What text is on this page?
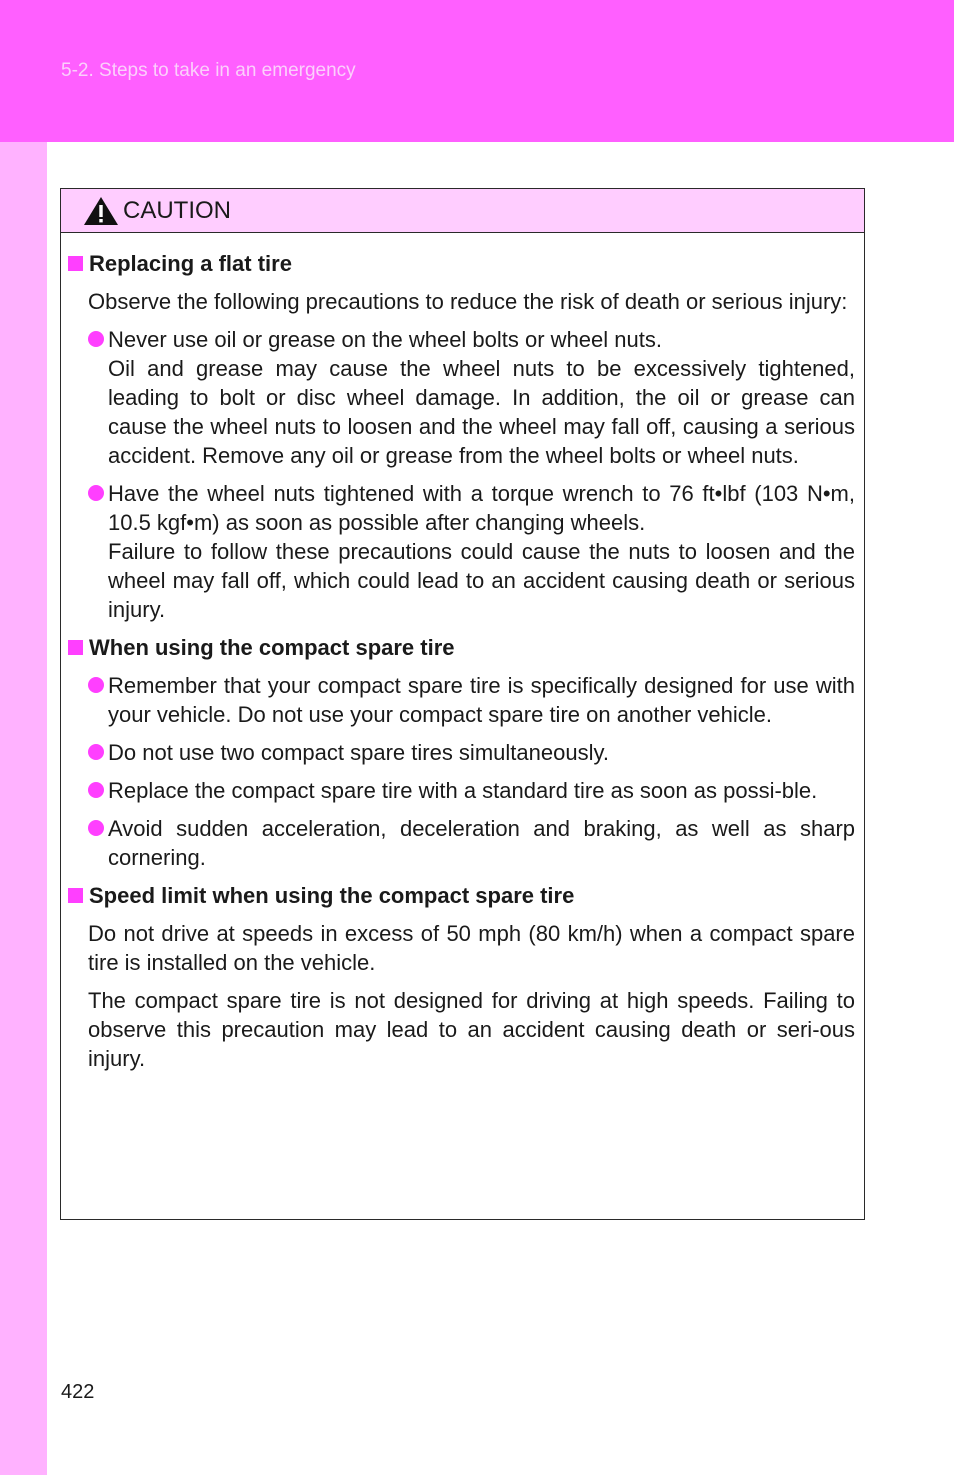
5-2. Steps to take in an emergency
CAUTION
Replacing a flat tire
Observe the following precautions to reduce the risk of death or serious injury:
Never use oil or grease on the wheel bolts or wheel nuts.
Oil and grease may cause the wheel nuts to be excessively tightened, leading to bolt or disc wheel damage. In addition, the oil or grease can cause the wheel nuts to loosen and the wheel may fall off, causing a serious accident. Remove any oil or grease from the wheel bolts or wheel nuts.
Have the wheel nuts tightened with a torque wrench to 76 ft•lbf (103 N•m, 10.5 kgf•m) as soon as possible after changing wheels.
Failure to follow these precautions could cause the nuts to loosen and the wheel may fall off, which could lead to an accident causing death or serious injury.
When using the compact spare tire
Remember that your compact spare tire is specifically designed for use with your vehicle. Do not use your compact spare tire on another vehicle.
Do not use two compact spare tires simultaneously.
Replace the compact spare tire with a standard tire as soon as possi-ble.
Avoid sudden acceleration, deceleration and braking, as well as sharp cornering.
Speed limit when using the compact spare tire
Do not drive at speeds in excess of 50 mph (80 km/h) when a compact spare tire is installed on the vehicle.
The compact spare tire is not designed for driving at high speeds. Failing to observe this precaution may lead to an accident causing death or seri-ous injury.
422
